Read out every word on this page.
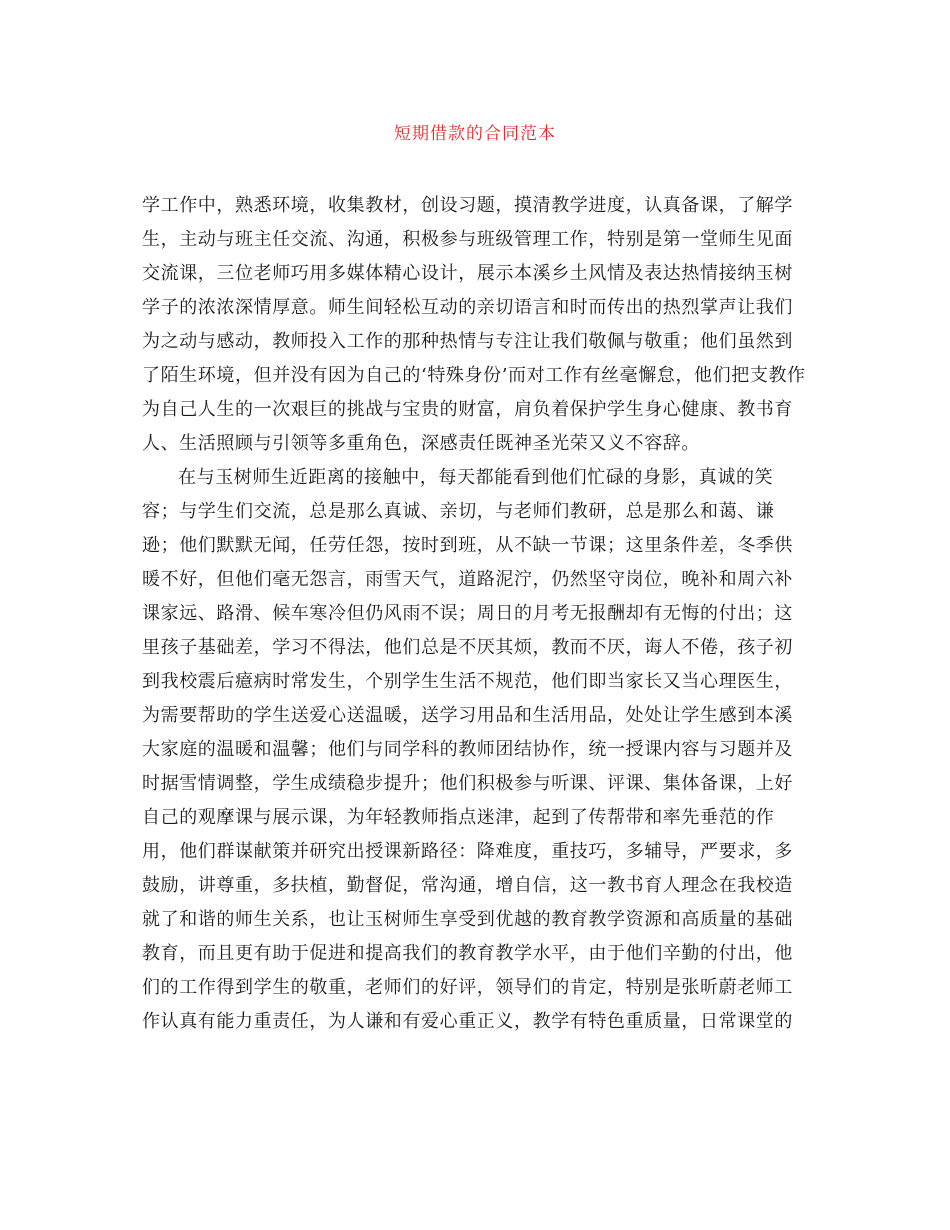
短期借款的合同范本
学工作中，熟悉环境，收集教材，创设习题，摸清教学进度，认真备课，了解学
生，主动与班主任交流、沟通，积极参与班级管理工作，特别是第一堂师生见面
交流课，三位老师巧用多媒体精心设计，展示本溪乡土风情及表达热情接纳玉树
学子的浓浓深情厚意。师生间轻松互动的亲切语言和时而传出的热烈掌声让我们
为之动与感动，教师投入工作的那种热情与专注让我们敬佩与敬重；他们虽然到
了陌生环境，但并没有因为自己的‘特殊身份’而对工作有丝毫懈怠，他们把支教作
为自己人生的一次艰巨的挑战与宝贵的财富，肩负着保护学生身心健康、教书育
人、生活照顾与引领等多重角色，深感责任既神圣光荣又义不容辞。
在与玉树师生近距离的接触中，每天都能看到他们忙碌的身影，真诚的笑
容；与学生们交流，总是那么真诚、亲切，与老师们教研，总是那么和蔼、谦
逊；他们默默无闻，任劳任怨，按时到班，从不缺一节课；这里条件差，冬季供
暖不好，但他们毫无怨言，雨雪天气，道路泥泞，仍然坚守岗位，晚补和周六补
课家远、路滑、候车寒冷但仍风雨不误；周日的月考无报酬却有无悔的付出；这
里孩子基础差，学习不得法，他们总是不厌其烦，教而不厌，诲人不倦，孩子初
到我校震后癔病时常发生，个别学生生活不规范，他们即当家长又当心理医生，
为需要帮助的学生送爱心送温暖，送学习用品和生活用品，处处让学生感到本溪
大家庭的温暖和温馨；他们与同学科的教师团结协作，统一授课内容与习题并及
时据雪情调整，学生成绩稳步提升；他们积极参与听课、评课、集体备课，上好
自己的观摩课与展示课，为年轻教师指点迷津，起到了传帮带和率先垂范的作
用，他们群谋献策并研究出授课新路径：降难度，重技巧，多辅导，严要求，多
鼓励，讲尊重，多扶植，勤督促，常沟通，增自信，这一教书育人理念在我校造
就了和谐的师生关系，也让玉树师生享受到优越的教育教学资源和高质量的基础
教育，而且更有助于促进和提高我们的教育教学水平，由于他们辛勤的付出，他
们的工作得到学生的敬重，老师们的好评，领导们的肯定，特别是张昕蔚老师工
作认真有能力重责任，为人谦和有爱心重正义，教学有特色重质量，日常课堂的
